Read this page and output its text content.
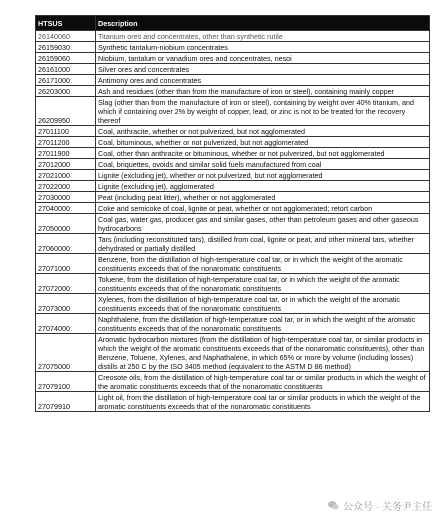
HTSUS	Description
26140060	Titanium ores and concentrates, other than synthetic rutile
26159030	Synthetic tantalum-niobium concentrates
26159060	Niobium, tantalum or vanadium ores and concentrates, nesoi
26161000	Silver ores and concentrates
26171000	Antimony ores and concentrates
26203000	Ash and residues (other than from the manufacture of iron or steel), containing mainly copper
26209950	Slag (other than from the manufacture of iron or steel), containing by weight over 40% titanium, and which if containing over 2% by weight of copper, lead, or zinc is not to be treated for the recovery thereof
27011100	Coal, anthracite, whether or not pulverized, but not agglomerated
27011200	Coal, bituminous, whether or not pulverized, but not agglomerated
27011900	Coal, other than anthracite or bituminous, whether or not pulverized, but not agglomerated
27012000	Coal, briquettes, ovoids and similar solid fuels manufactured from coal
27021000	Lignite (excluding jet), whether or not pulverized, but not agglomerated
27022000	Lignite (excluding jet), agglomerated
27030000	Peat (including peat litter), whether or not agglomerated
27040000	Coke and semicoke of coal, lignite or peat, whether or not agglomerated; retort carbon
27050000	Coal gas, water gas, producer gas and similar gases, other than petroleum gases and other gaseous hydrocarbons
27060000	Tars (including reconstituted tars), distilled from coal, lignite or peat, and other mineral tars, whether dehydrated or partially distilled
27071000	Benzene, from the distillation of high-temperature coal tar, or in which the weight of the aromatic constituents exceeds that of the nonaromatic constituents
27072000	Toluene, from the distillation of high-temperature coal tar, or in which the weight of the aromatic constituents exceeds that of the nonaromatic constituents
27073000	Xylenes, from the distillation of high-temperature coal tar, or in which the weight of the aromatic constituents exceeds that of the nonaromatic constituents
27074000	Naphthalene, from the distillation of high-temperature coal tar, or in which the weight of the aromatic constituents exceeds that of the nonaromatic constituents
27075000	Aromatic hydrocarbon mixtures (from the distillation of high-temperature coal tar, or similar products in which the weight of the aromatic constituents exceeds that of the nonaromatic constituents), other than Benzene, Toluene, Xylenes, and Naphathalene, in which 65% or more by volume (including losses) distills at 250 C by the ISO 3405 method (equivalent to the ASTM D 86 method)
27079100	Creosote oils, from the distillation of high-temperature coal tar or similar products in which the weight of the aromatic constituents exceeds that of the nonaromatic constituents
27079910	Light oil, from the distillation of high-temperature coal tar or similar products in which the weight of the aromatic constituents exceeds that of the nonaromatic constituents
公众号 · 关务尹主任
